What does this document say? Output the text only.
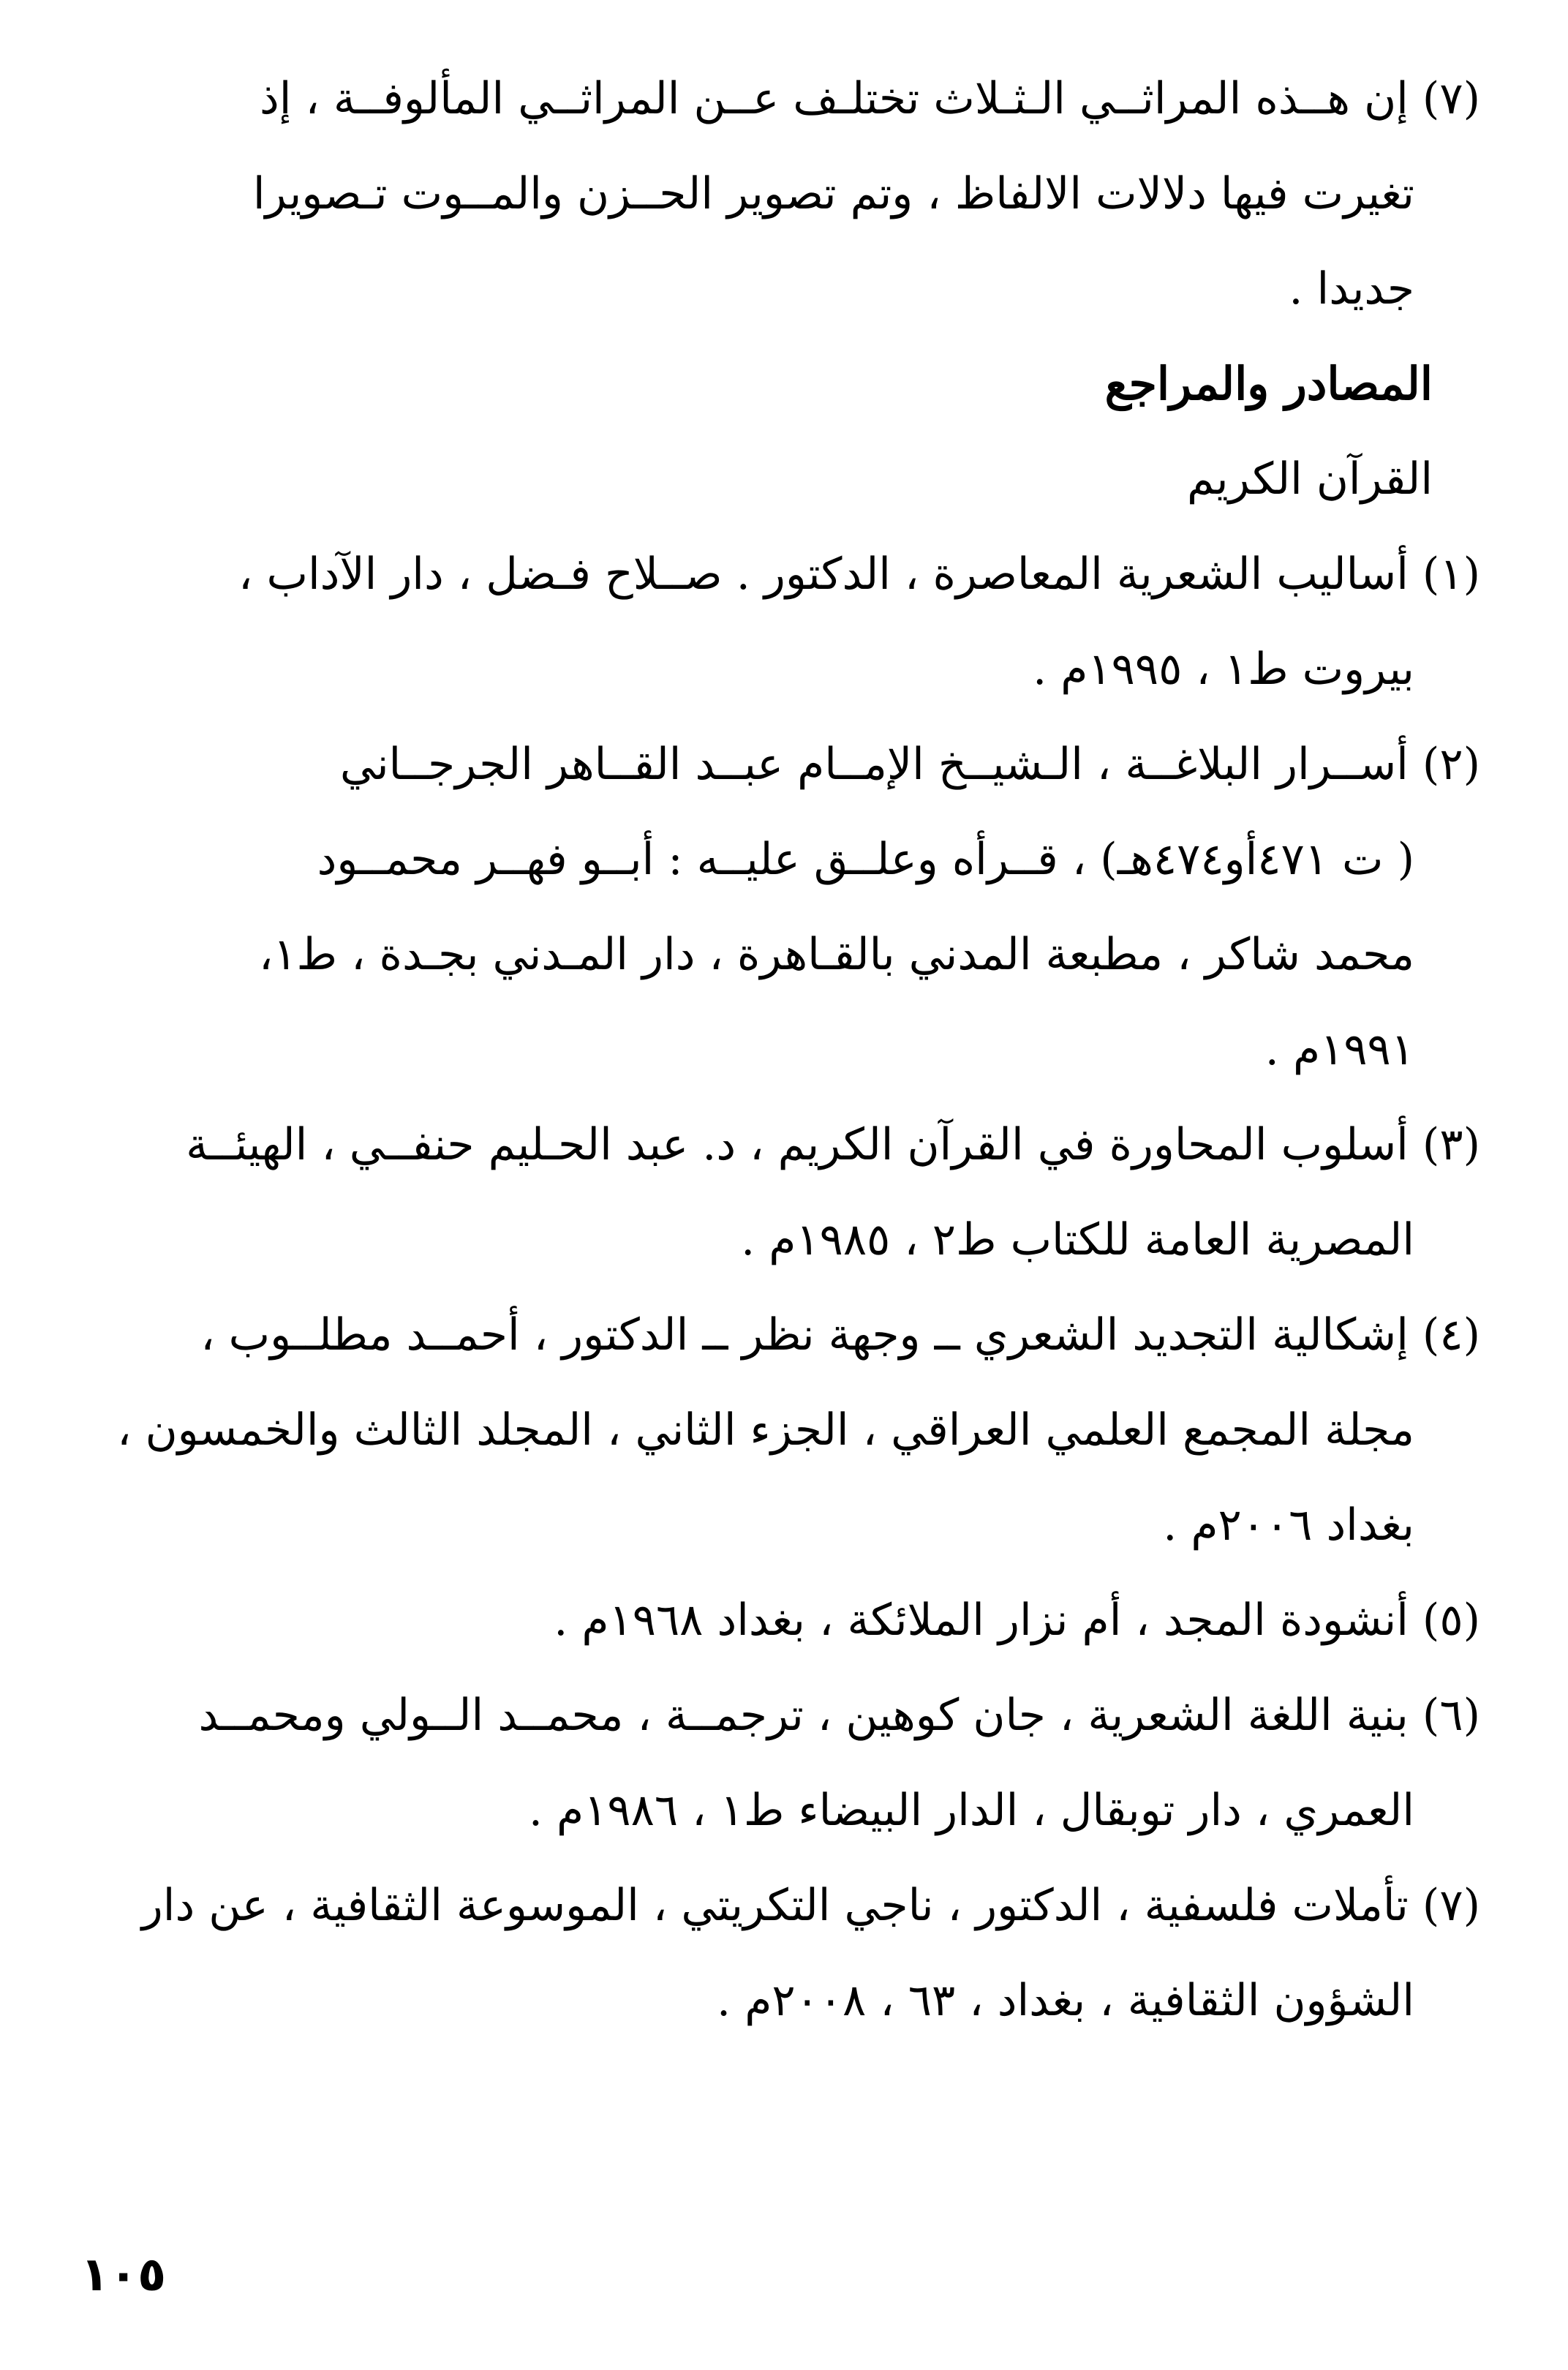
(٧) إن هــذه المراثــي الـثـلاث تختلـف عــن المراثــي المألوفــة ، إذ
تغيرت فيها دلالات الالفاظ ، وتم تصوير الحــزن والمــوت تـصويرا
جديدا .
المصادر والمراجع
القرآن الكريم
(١) أساليب الشعرية المعاصرة ، الدكتور . صــلاح فـضل ، دار الآداب ،
بيروت ط١ ، ١٩٩٥م .
(٢) أســرار البلاغــة ، الـشيــخ الإمــام عبــد القــاهر الجرجــاني
( ت ٤٧١أو٤٧٤هـ) ، قــرأه وعلــق عليــه : أبــو فهــر محمــود
محمد شاكر ، مطبعة المدني بالقـاهرة ، دار المـدني بجـدة ، ط١،
١٩٩١م .
(٣) أسلوب المحاورة في القرآن الكريم ، د. عبد الحـليم حنفــي ، الهيئــة
المصرية العامة للكتاب ط٢ ، ١٩٨٥م .
(٤) إشكالية التجديد الشعري ــ وجهة نظر ــ الدكتور ، أحمــد مطلــوب ،
مجلة المجمع العلمي العراقي ، الجزء الثاني ، المجلد الثالث والخمسون ،
بغداد ٢٠٠٦م .
(٥) أنشودة المجد ، أم نزار الملائكة ، بغداد ١٩٦٨م .
(٦) بنية اللغة الشعرية ، جان كوهين ، ترجمــة ، محمــد الــولي ومحمــد
العمري ، دار توبقال ، الدار البيضاء ط١ ، ١٩٨٦م .
(٧) تأملات فلسفية ، الدكتور ، ناجي التكريتي ، الموسوعة الثقافية ، عن دار
الشؤون الثقافية ، بغداد ، ٦٣ ، ٢٠٠٨م .
١٠٥
